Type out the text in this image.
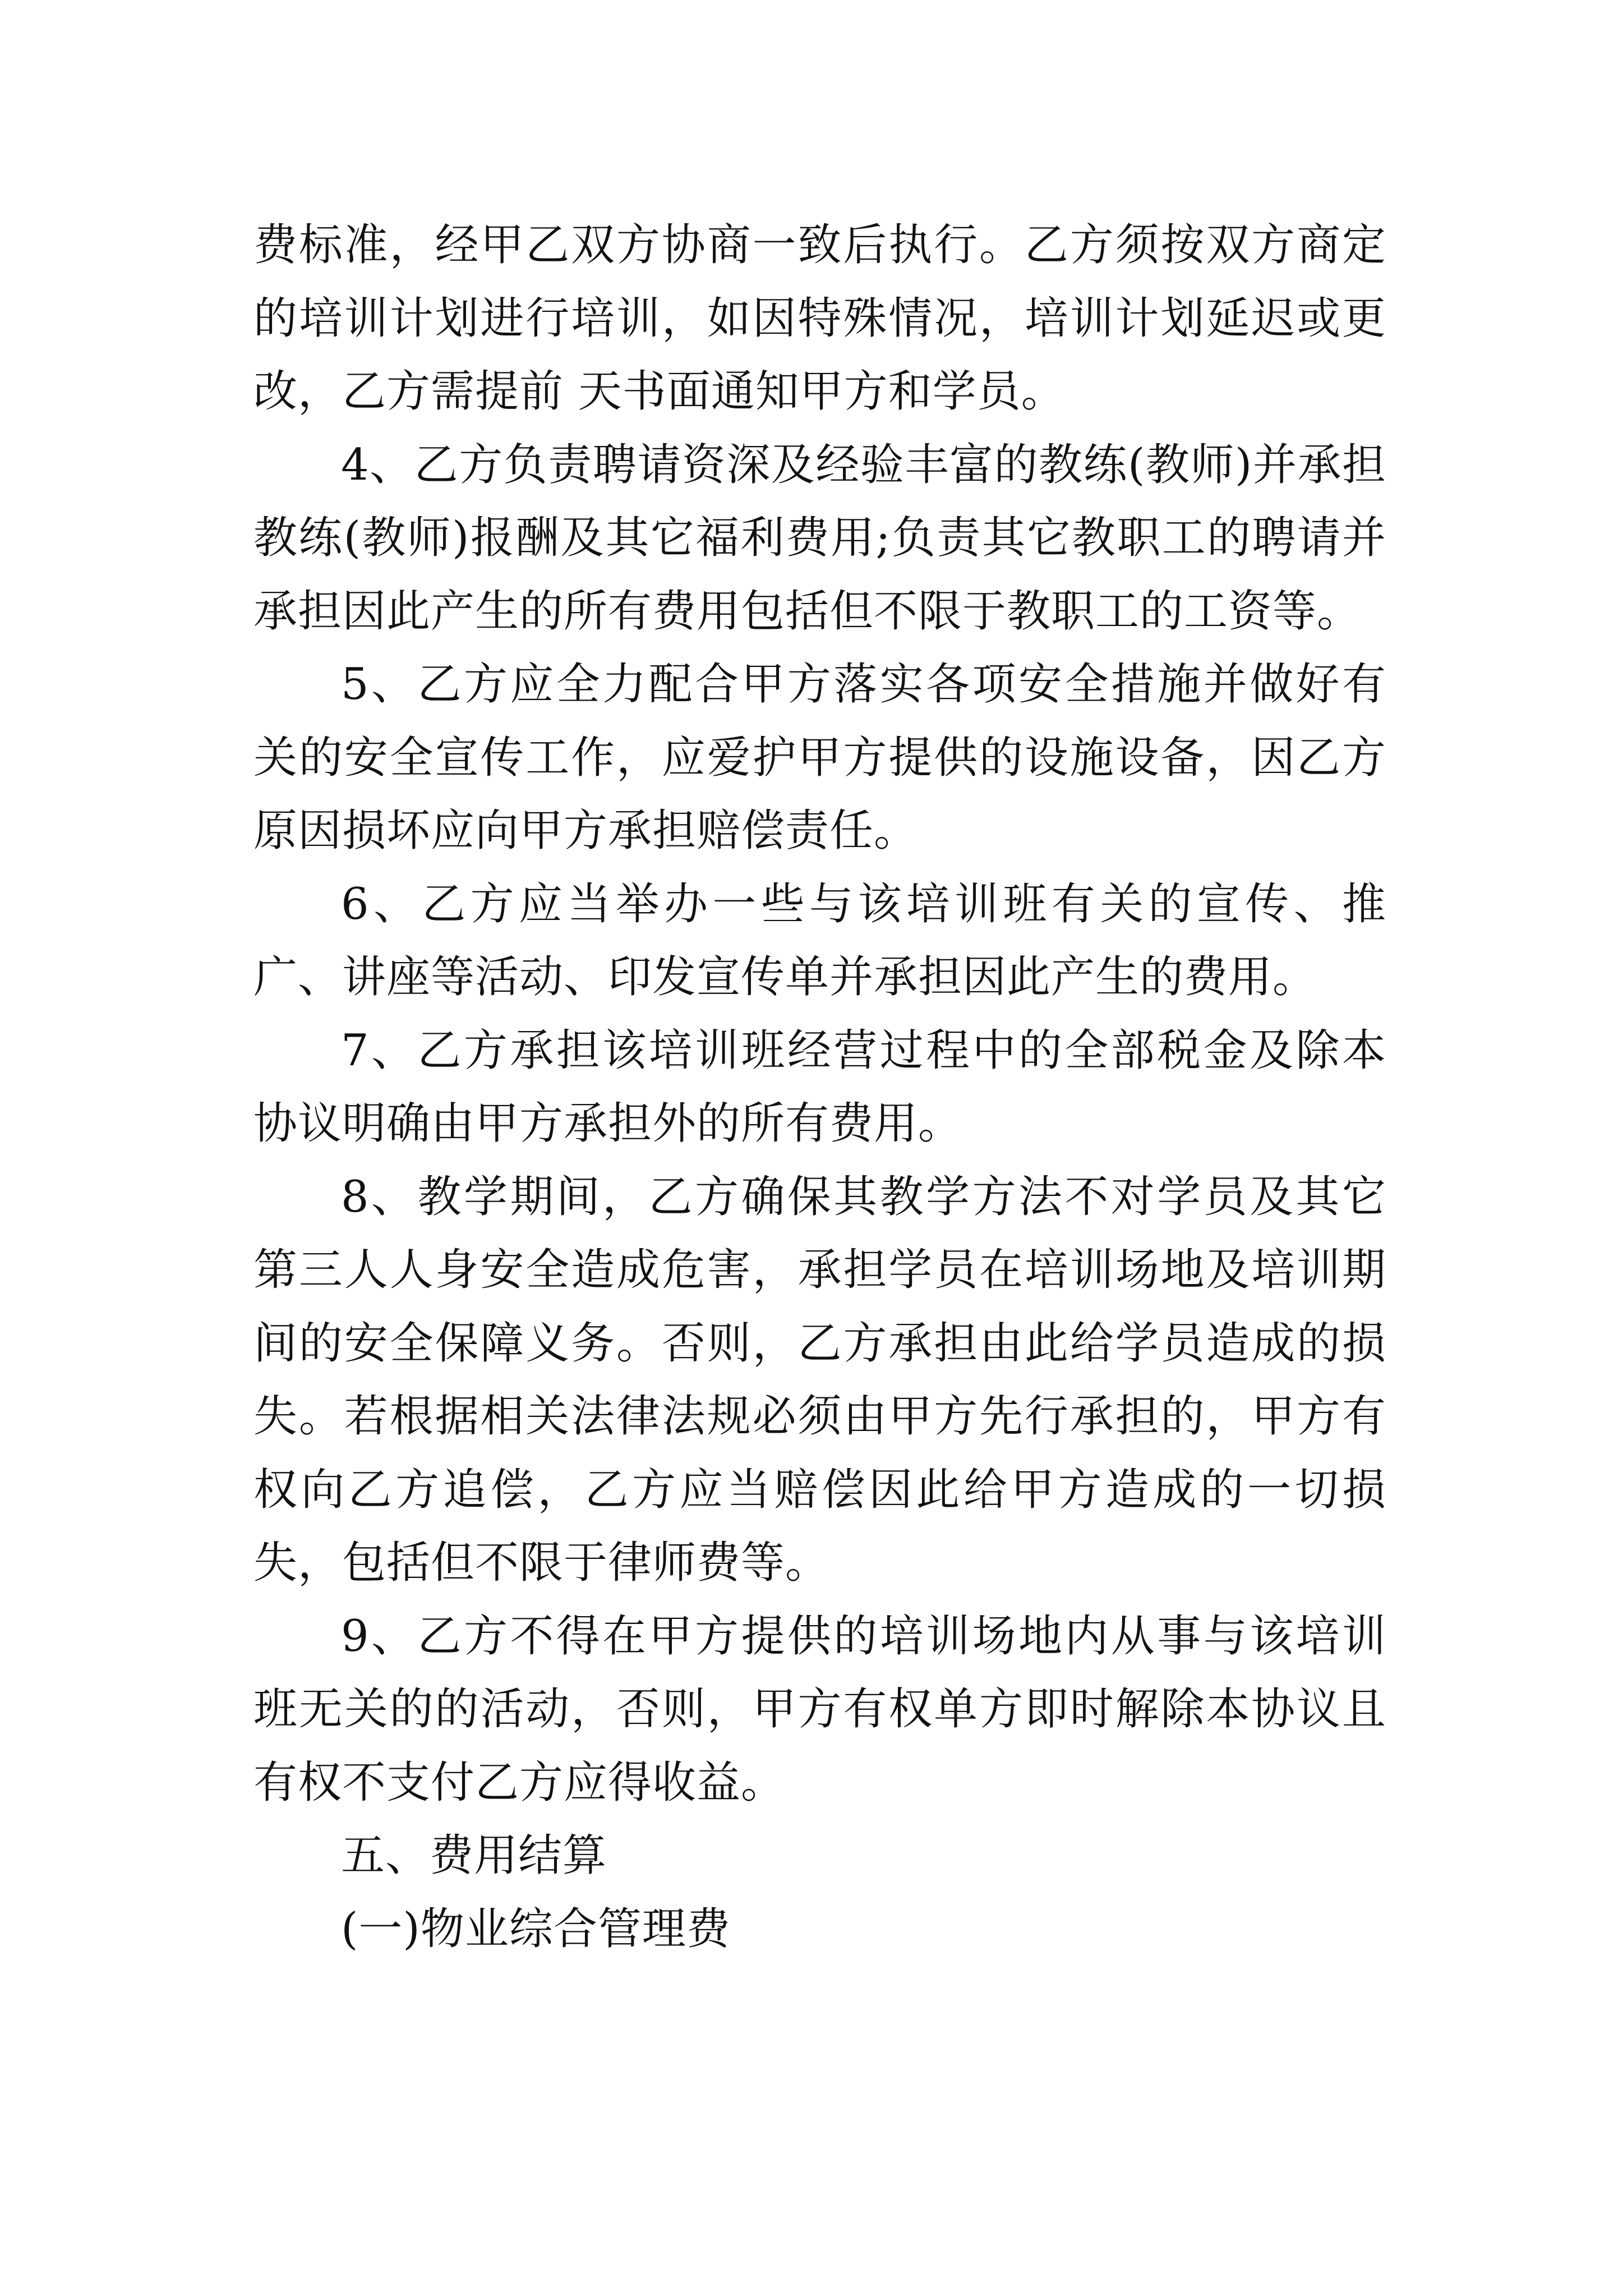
费标准，经甲乙双方协商一致后执行。乙方须按双方商定的培训计划进行培训，如因特殊情况，培训计划延迟或更改，乙方需提前 天书面通知甲方和学员。

4、乙方负责聘请资深及经验丰富的教练(教师)并承担教练(教师)报酬及其它福利费用;负责其它教职工的聘请并承担因此产生的所有费用包括但不限于教职工的工资等。

5、乙方应全力配合甲方落实各项安全措施并做好有关的安全宣传工作，应爱护甲方提供的设施设备，因乙方原因损坏应向甲方承担赔偿责任。

6、乙方应当举办一些与该培训班有关的宣传、推广、讲座等活动、印发宣传单并承担因此产生的费用。

7、乙方承担该培训班经营过程中的全部税金及除本协议明确由甲方承担外的所有费用。

8、教学期间，乙方确保其教学方法不对学员及其它第三人人身安全造成危害，承担学员在培训场地及培训期间的安全保障义务。否则，乙方承担由此给学员造成的损失。若根据相关法律法规必须由甲方先行承担的，甲方有权向乙方追偿，乙方应当赔偿因此给甲方造成的一切损失，包括但不限于律师费等。

9、乙方不得在甲方提供的培训场地内从事与该培训班无关的的活动，否则，甲方有权单方即时解除本协议且有权不支付乙方应得收益。

五、费用结算

(一)物业综合管理费
